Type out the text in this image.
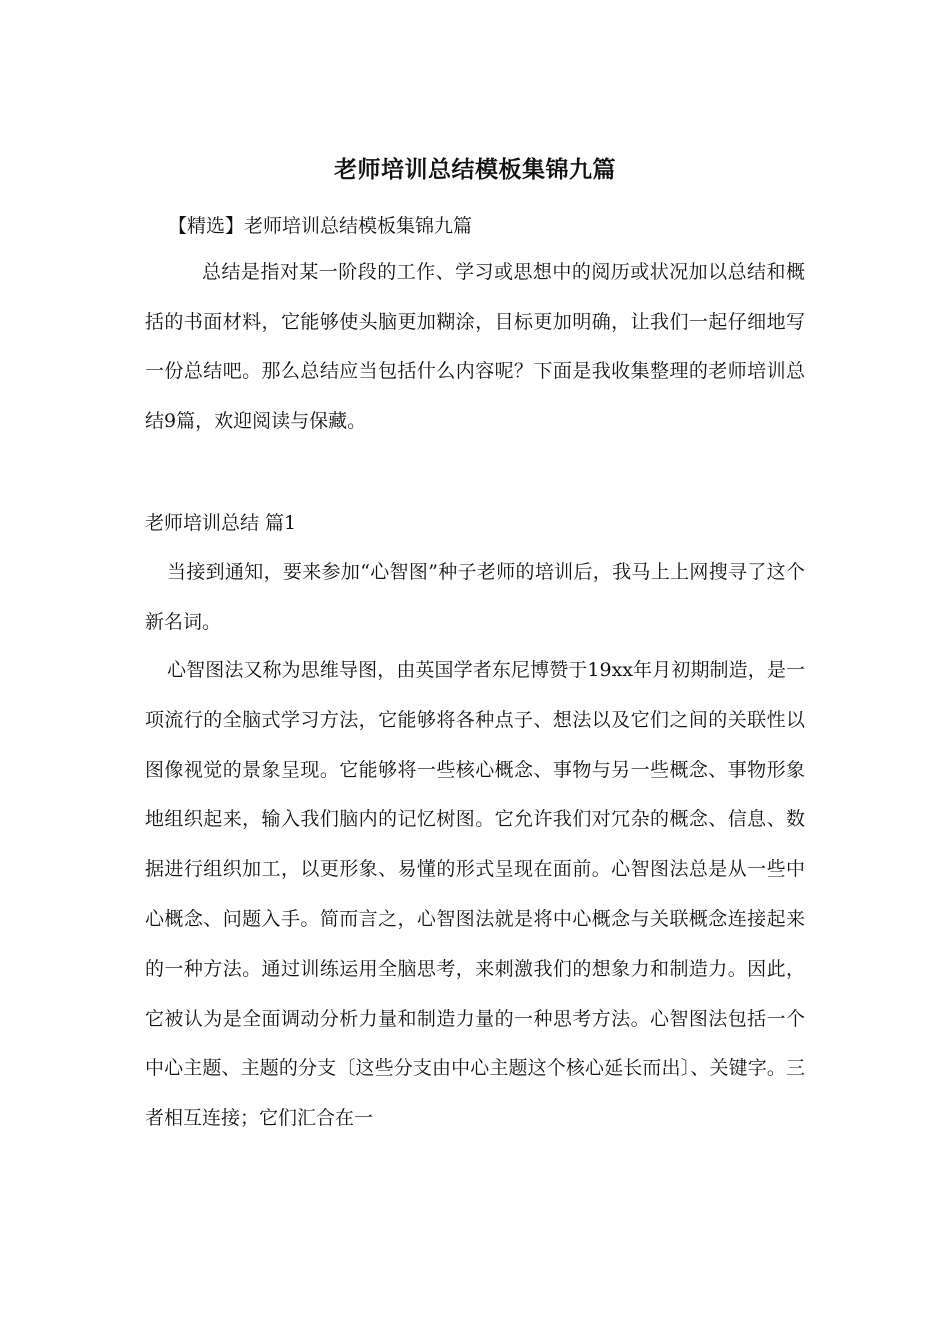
老师培训总结模板集锦九篇

【精选】老师培训总结模板集锦九篇

总结是指对某一阶段的工作、学习或思想中的阅历或状况加以总结和概括的书面材料，它能够使头脑更加糊涂，目标更加明确，让我们一起仔细地写一份总结吧。那么总结应当包括什么内容呢？下面是我收集整理的老师培训总结9篇，欢迎阅读与保藏。

老师培训总结 篇1

当接到通知，要来参加“心智图”种子老师的培训后，我马上上网搜寻了这个新名词。

心智图法又称为思维导图，由英国学者东尼博赞于19xx年月初期制造，是一项流行的全脑式学习方法，它能够将各种点子、想法以及它们之间的关联性以图像视觉的景象呈现。它能够将一些核心概念、事物与另一些概念、事物形象地组织起来，输入我们脑内的记忆树图。它允许我们对冗杂的概念、信息、数据进行组织加工，以更形象、易懂的形式呈现在面前。心智图法总是从一些中心概念、问题入手。简而言之，心智图法就是将中心概念与关联概念连接起来的一种方法。通过训练运用全脑思考，来刺激我们的想象力和制造力。因此，它被认为是全面调动分析力量和制造力量的一种思考方法。心智图法包括一个中心主题、主题的分支〔这些分支由中心主题这个核心延长而出〕、关键字。三者相互连接；它们汇合在一
